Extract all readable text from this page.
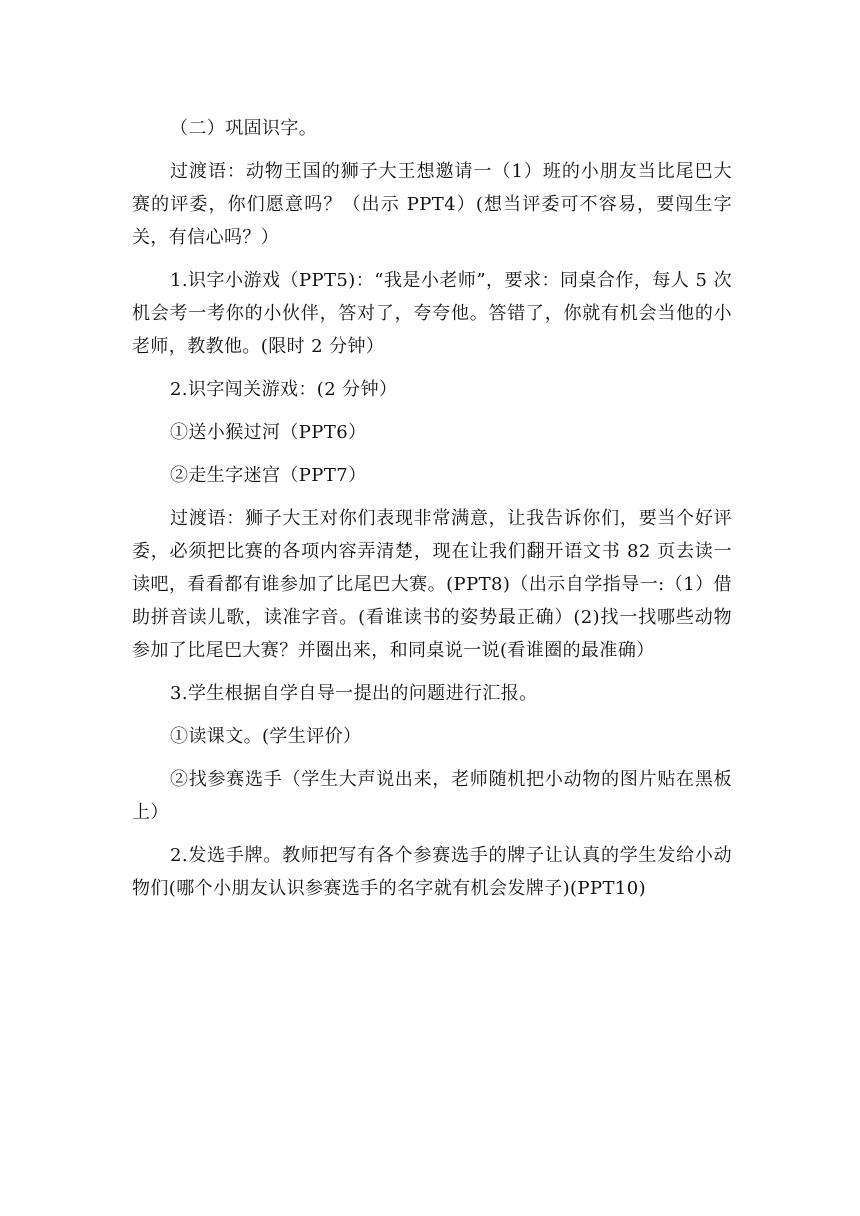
（二）巩固识字。

过渡语：动物王国的狮子大王想邀请一（1）班的小朋友当比尾巴大赛的评委，你们愿意吗？（出示 PPT4）(想当评委可不容易，要闯生字关，有信心吗？）

1.识字小游戏（PPT5)：“我是小老师”，要求：同桌合作，每人 5 次机会考一考你的小伙伴，答对了，夸夸他。答错了，你就有机会当他的小老师，教教他。(限时 2 分钟）

2.识字闯关游戏：(2 分钟）

①送小猴过河（PPT6）

②走生字迷宫（PPT7）

过渡语：狮子大王对你们表现非常满意，让我告诉你们，要当个好评委，必须把比赛的各项内容弄清楚，现在让我们翻开语文书 82 页去读一读吧，看看都有谁参加了比尾巴大赛。(PPT8)（出示自学指导一:（1）借助拼音读儿歌，读准字音。(看谁读书的姿势最正确）(2)找一找哪些动物参加了比尾巴大赛？并圈出来，和同桌说一说(看谁圈的最准确）

3.学生根据自学自导一提出的问题进行汇报。

①读课文。(学生评价）

②找参赛选手（学生大声说出来，老师随机把小动物的图片贴在黑板上）

2.发选手牌。教师把写有各个参赛选手的牌子让认真的学生发给小动物们(哪个小朋友认识参赛选手的名字就有机会发牌子)(PPT10)
